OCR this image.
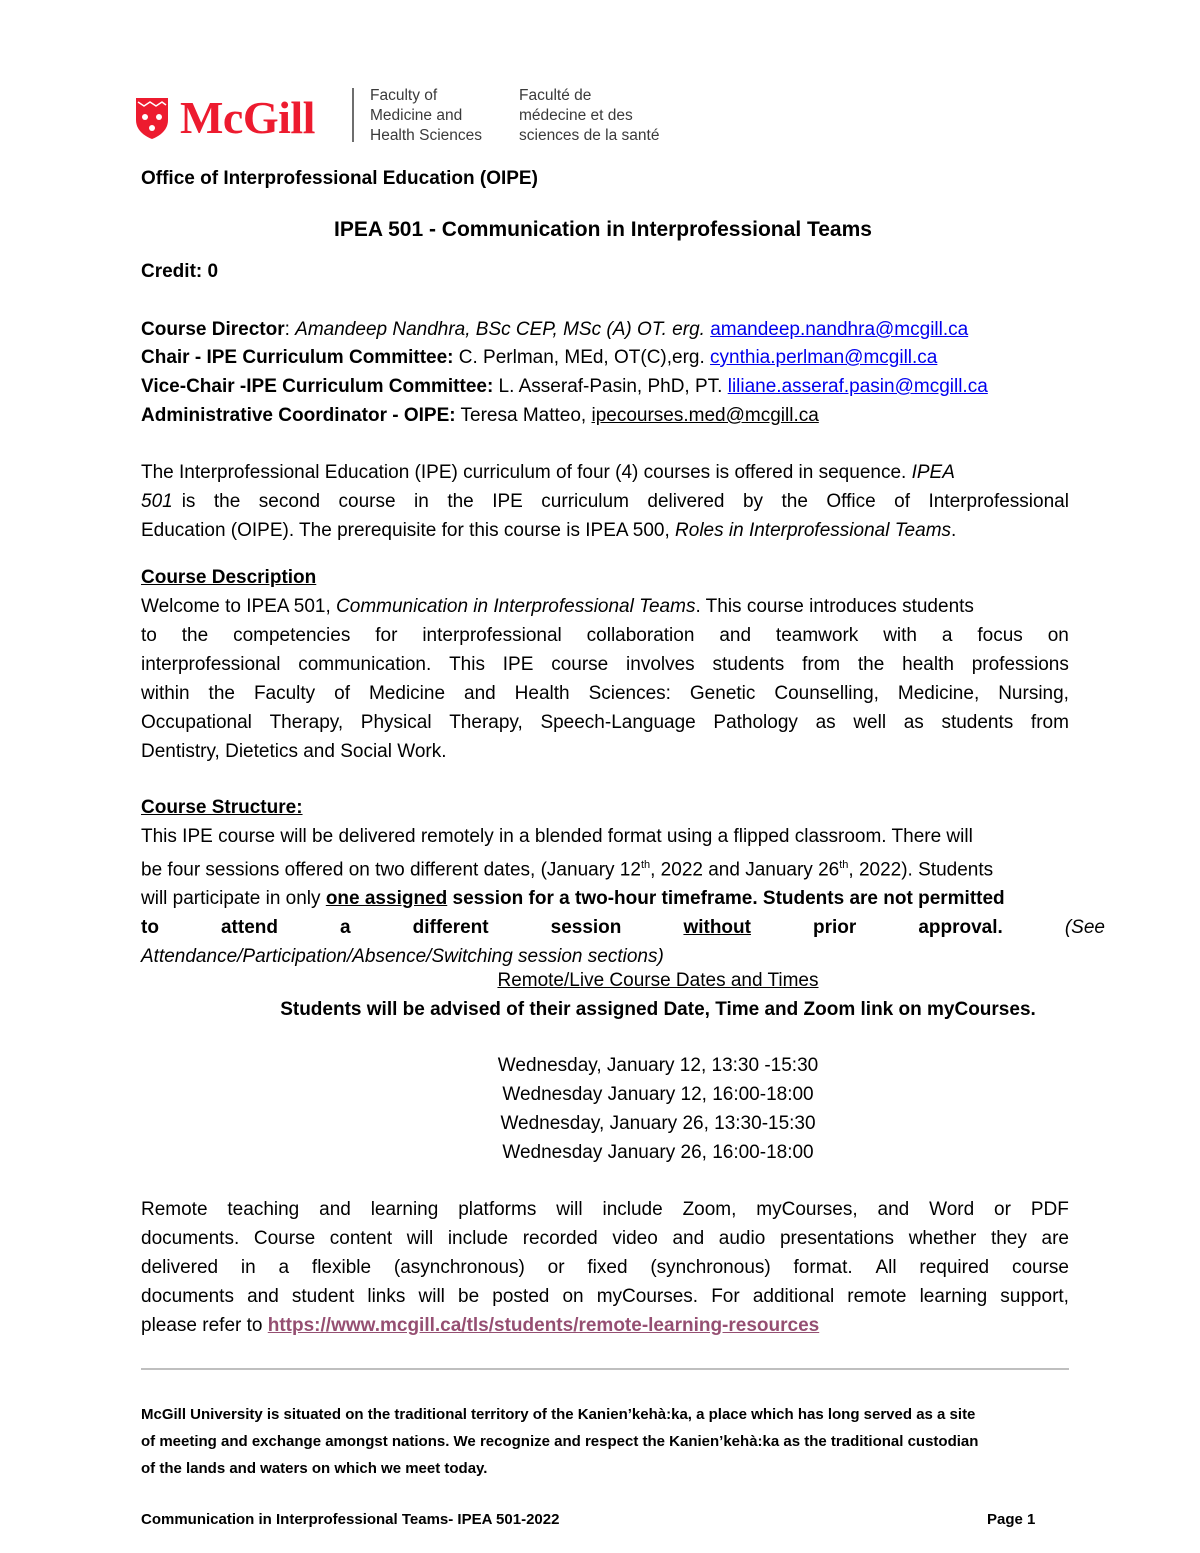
McGill	Faculty of
Medicine and
Health Sciences
Faculté de
médecine et des
sciences de la santé
Office of Interprofessional Education (OIPE)
IPEA 501 - Communication in Interprofessional Teams
Credit: 0
Course Director: Amandeep Nandhra, BSc CEP, MSc (A) OT. erg. amandeep.nandhra@mcgill.ca
Chair - IPE Curriculum Committee: C. Perlman, MEd, OT(C),erg. cynthia.perlman@mcgill.ca
Vice-Chair -IPE Curriculum Committee: L. Asseraf-Pasin, PhD, PT. liliane.asseraf.pasin@mcgill.ca
Administrative Coordinator - OIPE: Teresa Matteo, ipecourses.med@mcgill.ca
The Interprofessional Education (IPE) curriculum of four (4) courses is offered in sequence. IPEA
501 is the second course in the IPE curriculum delivered by the Office of Interprofessional
Education (OIPE). The prerequisite for this course is IPEA 500, Roles in Interprofessional Teams.
Course Description
Welcome to IPEA 501, Communication in Interprofessional Teams. This course introduces students
to the competencies for interprofessional collaboration and teamwork with a focus on
interprofessional communication. This IPE course involves students from the health professions
within the Faculty of Medicine and Health Sciences: Genetic Counselling, Medicine, Nursing,
Occupational Therapy, Physical Therapy, Speech-Language Pathology as well as students from
Dentistry, Dietetics and Social Work.
Course Structure:
This IPE course will be delivered remotely in a blended format using a flipped classroom. There will
be four sessions offered on two different dates, (January 12th, 2022 and January 26th, 2022). Students
will participate in only one assigned session for a two-hour timeframe. Students are not permitted
to	attend	a	different	session	without	prior	approval.	(See
Attendance/Participation/Absence/Switching session sections)
Remote/Live Course Dates and Times
Students will be advised of their assigned Date, Time and Zoom link on myCourses.
Wednesday, January 12, 13:30 -15:30
Wednesday January 12, 16:00-18:00
Wednesday, January 26, 13:30-15:30
Wednesday January 26, 16:00-18:00
Remote teaching and learning platforms will include Zoom, myCourses, and Word or PDF
documents. Course content will include recorded video and audio presentations whether they are
delivered in a flexible (asynchronous) or fixed (synchronous) format. All required course
documents and student links will be posted on myCourses. For additional remote learning support,
please refer to https://www.mcgill.ca/tls/students/remote-learning-resources
McGill University is situated on the traditional territory of the Kanien’kehà:ka, a place which has long served as a site
of meeting and exchange amongst nations. We recognize and respect the Kanien’kehà:ka as the traditional custodian
of the lands and waters on which we meet today.
Communication in Interprofessional Teams- IPEA 501-2022	Page 1
